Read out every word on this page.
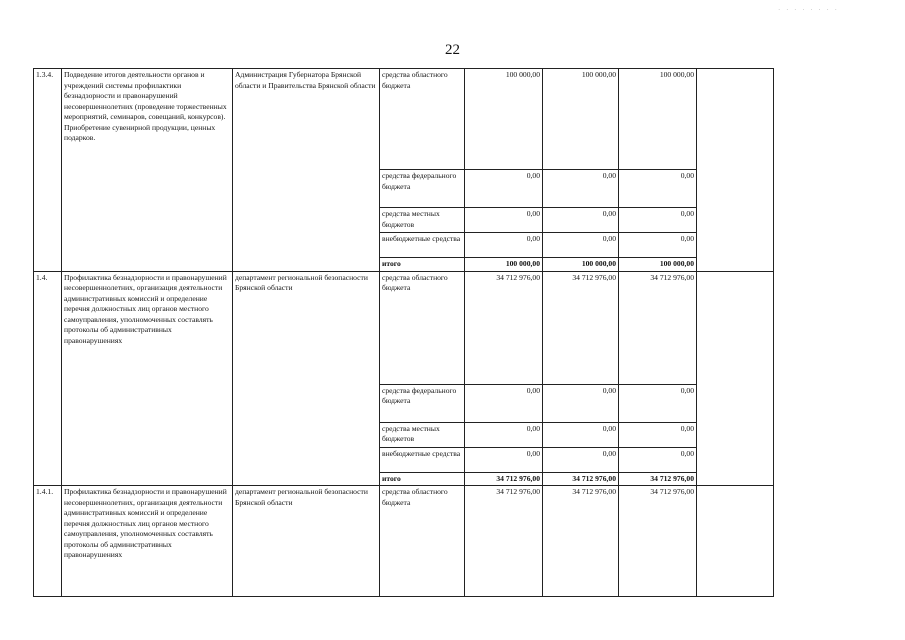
· · · · · · · ·
22
1.3.4.	Подведение итогов деятельности органов и учреждений системы профилактики безнадзорности и правонарушений несовершеннолетних (проведение торжественных мероприятий, семинаров, совещаний, конкурсов). Приобретение сувенирной продукции, ценных подарков.	Администрация Губернатора Брянской области и Правительства Брянской области	средства областного бюджета	100 000,00	100 000,00	100 000,00	
			средства федерального бюджета	0,00	0,00	0,00	
			средства местных бюджетов	0,00	0,00	0,00	
			внебюджетные средства	0,00	0,00	0,00	
			итого	100 000,00	100 000,00	100 000,00	
1.4.	Профилактика безнадзорности и правонарушений несовершеннолетних, организация деятельности административных комиссий и определение перечня должностных лиц органов местного самоуправления, уполномоченных составлять протоколы об административных правонарушениях	департамент региональной безопасности Брянской области	средства областного бюджета	34 712 976,00	34 712 976,00	34 712 976,00	
			средства федерального бюджета	0,00	0,00	0,00	
			средства местных бюджетов	0,00	0,00	0,00	
			внебюджетные средства	0,00	0,00	0,00	
			итого	34 712 976,00	34 712 976,00	34 712 976,00	
1.4.1.	Профилактика безнадзорности и правонарушений несовершеннолетних, организация деятельности административных комиссий и определение перечня должностных лиц органов местного самоуправления, уполномоченных составлять протоколы об административных правонарушениях	департамент региональной безопасности Брянской области	средства областного бюджета	34 712 976,00	34 712 976,00	34 712 976,00	
